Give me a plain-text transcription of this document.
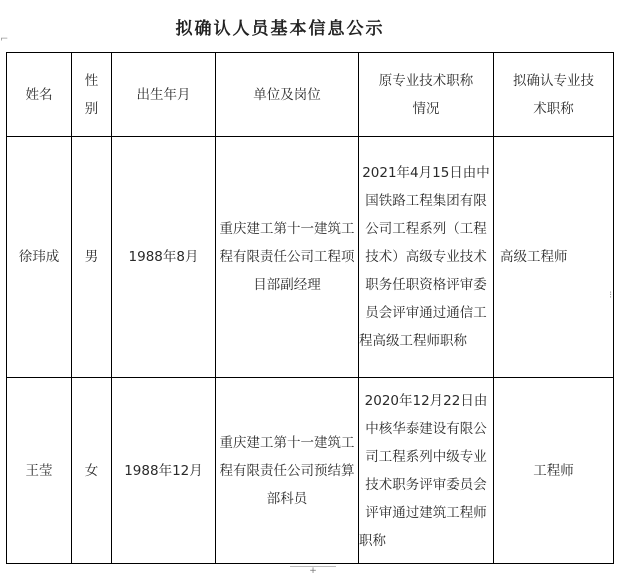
拟确认人员基本信息公示
⌐
⁝
姓名	性别	出生年月	单位及岗位	原专业技术职称情况	拟确认专业技术职称

徐玮成	男	1988年8月	重庆建工第十一建筑工程有限责任公司工程项目部副经理	2021年4月15日由中国铁路工程集团有限公司工程系列（工程技术）高级专业技术职务任职资格评审委员会评审通过通信工程高级工程师职称	高级工程师
王莹	女	1988年12月	重庆建工第十一建筑工程有限责任公司预结算部科员	2020年12月22日由中核华泰建设有限公司工程系列中级专业技术职务评审委员会评审通过建筑工程师职称	工程师
+
